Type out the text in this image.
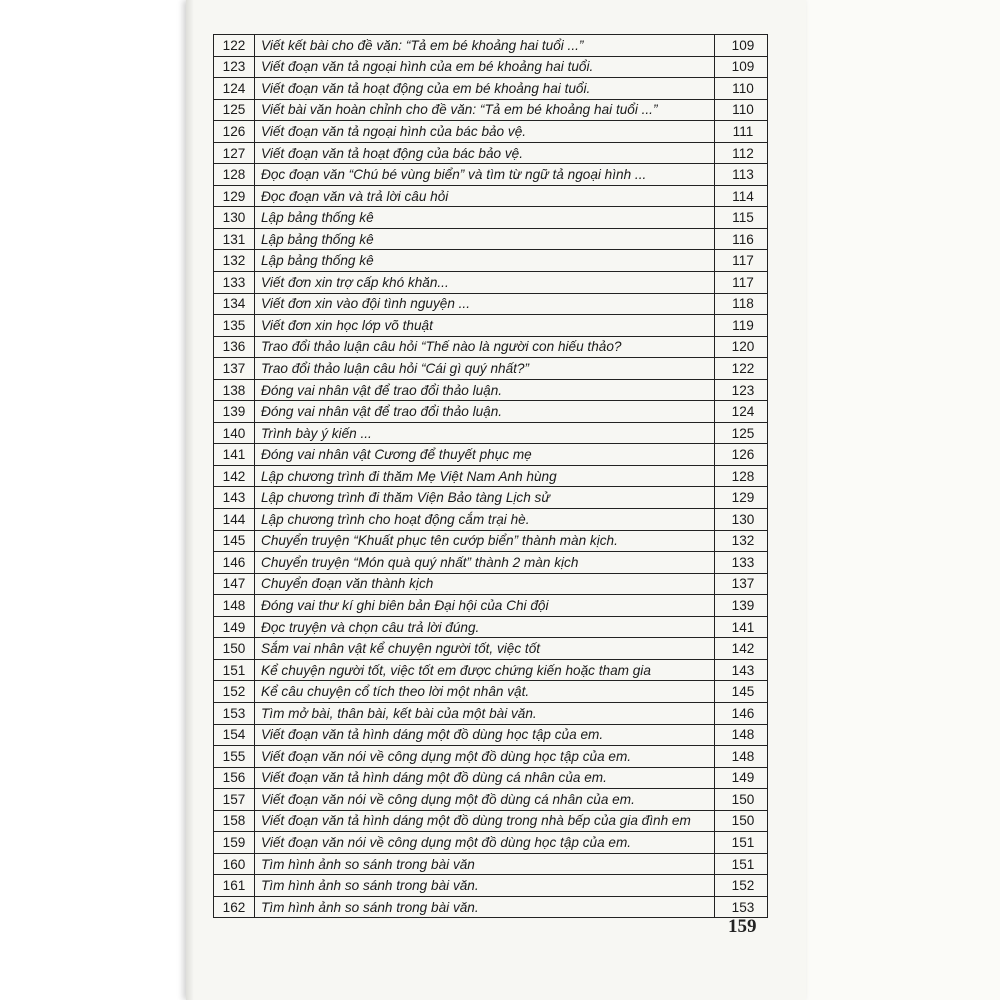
122	Viết kết bài cho đề văn: “Tả em bé khoảng hai tuổi ...”	109
123	Viết đoạn văn tả ngoại hình của em bé khoảng hai tuổi.	109
124	Viết đoạn văn tả hoạt động của em bé khoảng hai tuổi.	110
125	Viết bài văn hoàn chỉnh cho đề văn: “Tả em bé khoảng hai tuổi ...”	110
126	Viết đoạn văn tả ngoại hình của bác bảo vệ.	111
127	Viết đoạn văn tả hoạt động của bác bảo vệ.	112
128	Đọc đoạn văn “Chú bé vùng biển” và tìm từ ngữ tả ngoại hình ...	113
129	Đọc đoạn văn và trả lời câu hỏi	114
130	Lập bảng thống kê	115
131	Lập bảng thống kê	116
132	Lập bảng thống kê	117
133	Viết đơn xin trợ cấp khó khăn...	117
134	Viết đơn xin vào đội tình nguyện ...	118
135	Viết đơn xin học lớp võ thuật	119
136	Trao đổi thảo luận câu hỏi “Thế nào là người con hiếu thảo?	120
137	Trao đổi thảo luận câu hỏi “Cái gì quý nhất?”	122
138	Đóng vai nhân vật để trao đổi thảo luận.	123
139	Đóng vai nhân vật để trao đổi thảo luận.	124
140	Trình bày ý kiến ...	125
141	Đóng vai nhân vật Cương để thuyết phục mẹ	126
142	Lập chương trình đi thăm Mẹ Việt Nam Anh hùng	128
143	Lập chương trình đi thăm Viện Bảo tàng Lịch sử	129
144	Lập chương trình cho hoạt động cắm trại hè.	130
145	Chuyển truyện “Khuất phục tên cướp biển” thành màn kịch.	132
146	Chuyển truyện “Món quà quý nhất” thành 2 màn kịch	133
147	Chuyển đoạn văn thành kịch	137
148	Đóng vai thư kí ghi biên bản Đại hội của Chi đội	139
149	Đọc truyện và chọn câu trả lời đúng.	141
150	Sắm vai nhân vật kể chuyện người tốt, việc tốt	142
151	Kể chuyện người tốt, việc tốt em được chứng kiến hoặc tham gia	143
152	Kể câu chuyện cổ tích theo lời một nhân vật.	145
153	Tìm mở bài, thân bài, kết bài của một bài văn.	146
154	Viết đoạn văn tả hình dáng một đồ dùng học tập của em.	148
155	Viết đoạn văn nói về công dụng một đồ dùng học tập của em.	148
156	Viết đoạn văn tả hình dáng một đồ dùng cá nhân của em.	149
157	Viết đoạn văn nói về công dụng một đồ dùng cá nhân của em.	150
158	Viết đoạn văn tả hình dáng một đồ dùng trong nhà bếp của gia đình em	150
159	Viết đoạn văn nói về công dụng một đồ dùng học tập của em.	151
160	Tìm hình ảnh so sánh trong bài văn	151
161	Tìm hình ảnh so sánh trong bài văn.	152
162	Tìm hình ảnh so sánh trong bài văn.	153
159
